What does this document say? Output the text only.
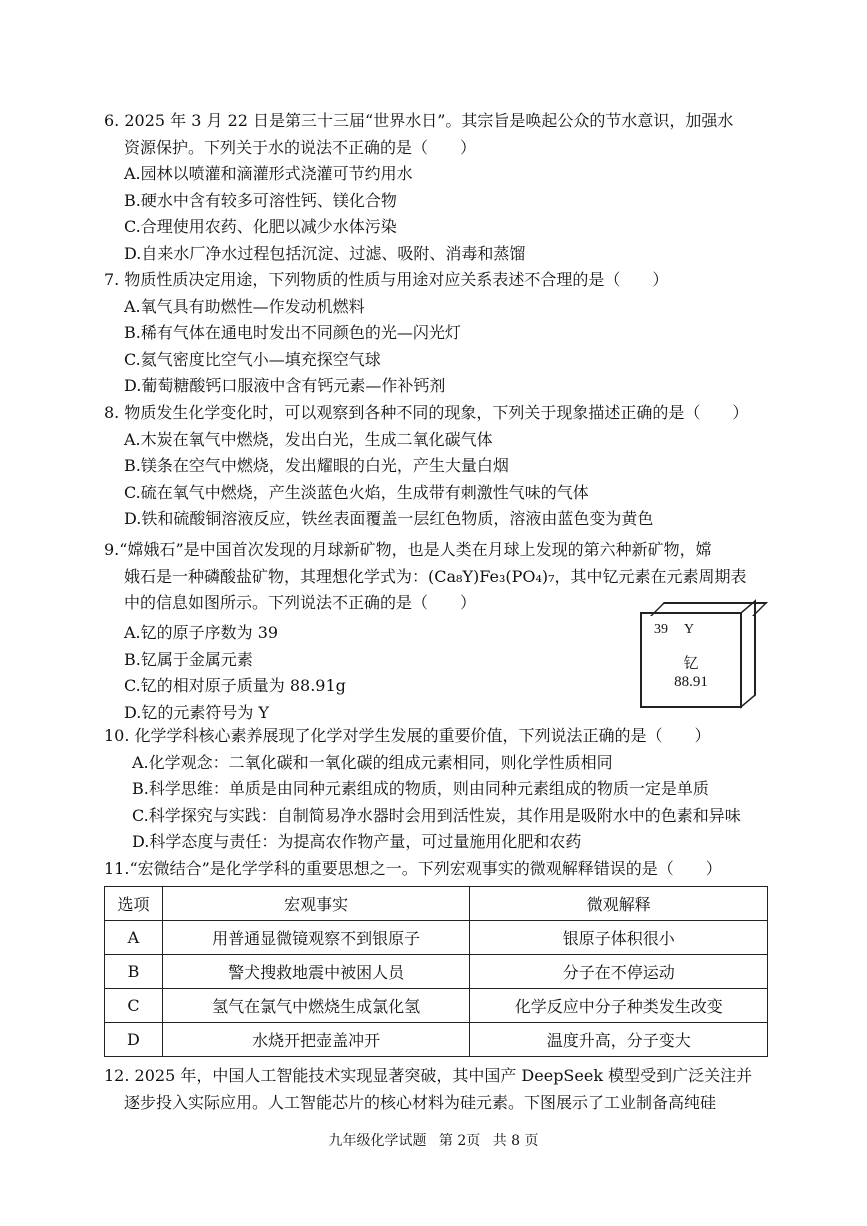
6. 2025 年 3 月 22 日是第三十三届“世界水日”。其宗旨是唤起公众的节水意识，加强水
资源保护。下列关于水的说法不正确的是（　　）
A.园林以喷灌和滴灌形式浇灌可节约用水
B.硬水中含有较多可溶性钙、镁化合物
C.合理使用农药、化肥以减少水体污染
D.自来水厂净水过程包括沉淀、过滤、吸附、消毒和蒸馏
7. 物质性质决定用途，下列物质的性质与用途对应关系表述不合理的是（　　）
A.氧气具有助燃性—作发动机燃料
B.稀有气体在通电时发出不同颜色的光—闪光灯
C.氦气密度比空气小—填充探空气球
D.葡萄糖酸钙口服液中含有钙元素—作补钙剂
8. 物质发生化学变化时，可以观察到各种不同的现象，下列关于现象描述正确的是（　　）
A.木炭在氧气中燃烧，发出白光，生成二氧化碳气体
B.镁条在空气中燃烧，发出耀眼的白光，产生大量白烟
C.硫在氧气中燃烧，产生淡蓝色火焰，生成带有刺激性气味的气体
D.铁和硫酸铜溶液反应，铁丝表面覆盖一层红色物质，溶液由蓝色变为黄色
9.“嫦娥石”是中国首次发现的月球新矿物，也是人类在月球上发现的第六种新矿物，嫦
娥石是一种磷酸盐矿物，其理想化学式为：(Ca₈Y)Fe₃(PO₄)₇，其中钇元素在元素周期表
中的信息如图所示。下列说法不正确的是（　　）
A.钇的原子序数为 39
B.钇属于金属元素
C.钇的相对原子质量为 88.91g
D.钇的元素符号为 Y
39 Y
钇
88.91
10. 化学学科核心素养展现了化学对学生发展的重要价值，下列说法正确的是（　　）
A.化学观念：二氧化碳和一氧化碳的组成元素相同，则化学性质相同
B.科学思维：单质是由同种元素组成的物质，则由同种元素组成的物质一定是单质
C.科学探究与实践：自制简易净水器时会用到活性炭，其作用是吸附水中的色素和异味
D.科学态度与责任：为提高农作物产量，可过量施用化肥和农药
11.“宏微结合”是化学学科的重要思想之一。下列宏观事实的微观解释错误的是（　　）
选项	宏观事实	微观解释
A	用普通显微镜观察不到银原子	银原子体积很小
B	警犬搜救地震中被困人员	分子在不停运动
C	氢气在氯气中燃烧生成氯化氢	化学反应中分子种类发生改变
D	水烧开把壶盖冲开	温度升高，分子变大
12. 2025 年，中国人工智能技术实现显著突破，其中国产 DeepSeek 模型受到广泛关注并
逐步投入实际应用。人工智能芯片的核心材料为硅元素。下图展示了工业制备高纯硅
九年级化学试题 第 2页 共 8 页
